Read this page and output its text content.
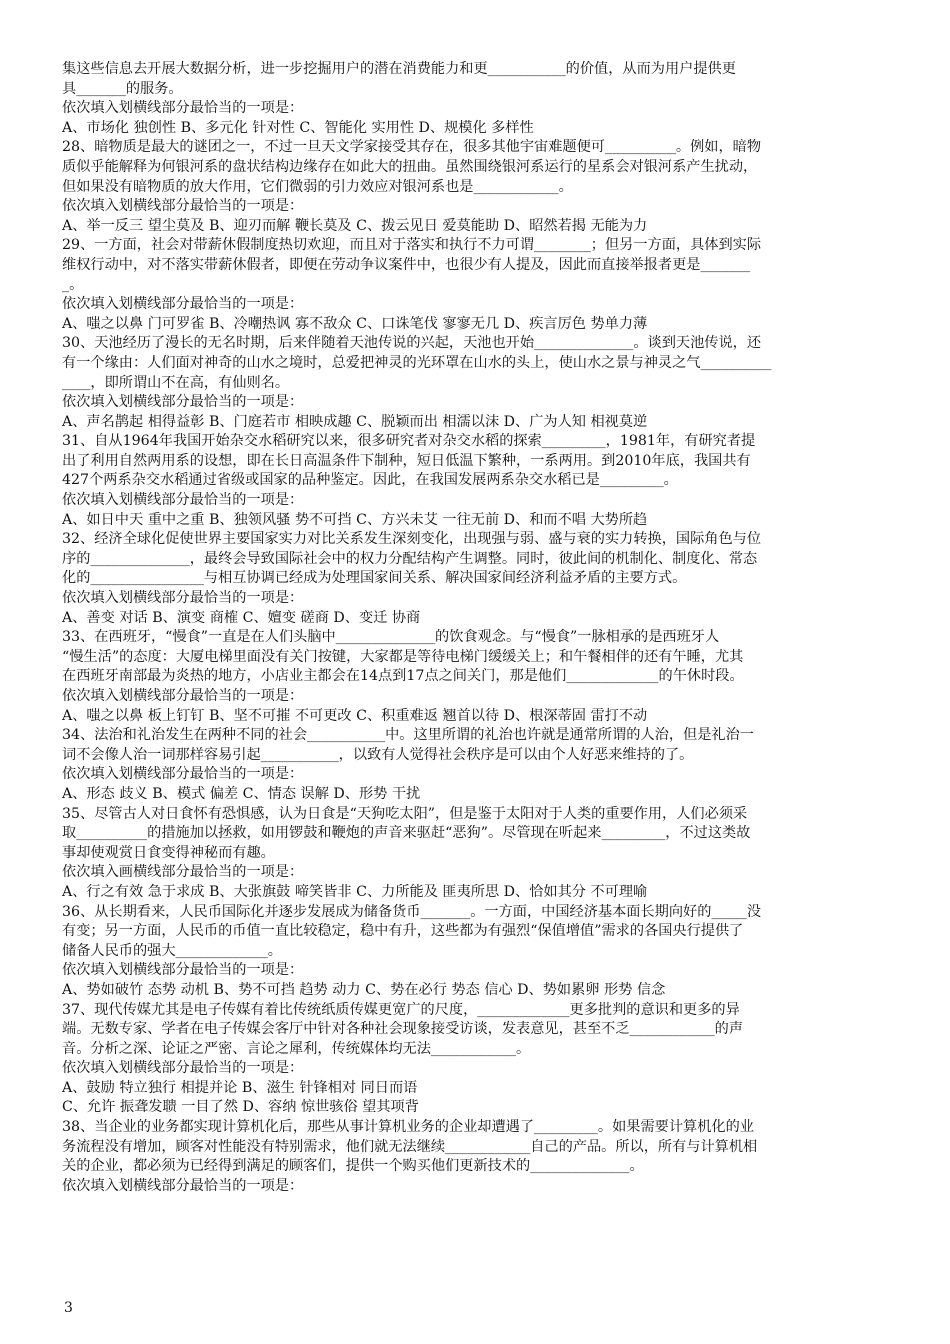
集这些信息去开展大数据分析，进一步挖掘用户的潜在消费能力和更___________的价值，从而为用户提供更
具_______的服务。
依次填入划横线部分最恰当的一项是：
A、市场化 独创性 B、多元化 针对性 C、智能化 实用性 D、规模化 多样性
28、暗物质是最大的谜团之一，不过一旦天文学家接受其存在，很多其他宇宙难题便可__________。例如，暗物
质似乎能解释为何银河系的盘状结构边缘存在如此大的扭曲。虽然围绕银河系运行的星系会对银河系产生扰动，
但如果没有暗物质的放大作用，它们微弱的引力效应对银河系也是____________。
依次填入划横线部分最恰当的一项是：
A、举一反三 望尘莫及 B、迎刃而解 鞭长莫及 C、拨云见日 爱莫能助 D、昭然若揭 无能为力
29、一方面，社会对带薪休假制度热切欢迎，而且对于落实和执行不力可谓________；但另一方面，具体到实际
维权行动中，对不落实带薪休假者，即便在劳动争议案件中，也很少有人提及，因此而直接举报者更是_______
_。
依次填入划横线部分最恰当的一项是：
A、嗤之以鼻 门可罗雀 B、冷嘲热讽 寡不敌众 C、口诛笔伐 寥寥无几 D、疾言厉色 势单力薄
30、天池经历了漫长的无名时期，后来伴随着天池传说的兴起，天池也开始______________。谈到天池传说，还
有一个缘由：人们面对神奇的山水之境时，总爱把神灵的光环罩在山水的头上，使山水之景与神灵之气__________
____，即所谓山不在高，有仙则名。
依次填入划横线部分最恰当的一项是：
A、声名鹊起 相得益彰 B、门庭若市 相映成趣 C、脱颖而出 相濡以沫 D、广为人知 相视莫逆
31、自从1964年我国开始杂交水稻研究以来，很多研究者对杂交水稻的探索_________，1981年，有研究者提
出了利用自然两用系的设想，即在长日高温条件下制种，短日低温下繁种，一系两用。到2010年底，我国共有
427个两系杂交水稻通过省级或国家的品种鉴定。因此，在我国发展两系杂交水稻已是_________。
依次填入划横线部分最恰当的一项是：
A、如日中天 重中之重 B、独领风骚 势不可挡 C、方兴未艾 一往无前 D、和而不唱 大势所趋
32、经济全球化促使世界主要国家实力对比关系发生深刻变化，出现强与弱、盛与衰的实力转换，国际角色与位
序的______________，最终会导致国际社会中的权力分配结构产生调整。同时，彼此间的机制化、制度化、常态
化的________________与相互协调已经成为处理国家间关系、解决国家间经济利益矛盾的主要方式。
依次填入划横线部分最恰当的一项是：
A、善变 对话 B、演变 商榷 C、嬗变 磋商 D、变迁 协商
33、在西班牙，“慢食”一直是在人们头脑中______________的饮食观念。与“慢食”一脉相承的是西班牙人
“慢生活”的态度：大厦电梯里面没有关门按键，大家都是等待电梯门缓缓关上；和午餐相伴的还有午睡，尤其
在西班牙南部最为炎热的地方，小店业主都会在14点到17点之间关门，那是他们_____________的午休时段。
依次填入划横线部分最恰当的一项是：
A、嗤之以鼻 板上钉钉 B、坚不可摧 不可更改 C、积重难返 翘首以待 D、根深蒂固 雷打不动
34、法治和礼治发生在两种不同的社会___________中。这里所谓的礼治也许就是通常所谓的人治，但是礼治一
词不会像人治一词那样容易引起___________，以致有人觉得社会秩序是可以由个人好恶来维持的了。
依次填入划横线部分最恰当的一项是：
A、形态 歧义 B、模式 偏差 C、情态 误解 D、形势 干扰
35、尽管古人对日食怀有恐惧感，认为日食是“天狗吃太阳”，但是鉴于太阳对于人类的重要作用，人们必须采
取__________的措施加以拯救，如用锣鼓和鞭炮的声音来驱赶“恶狗”。尽管现在听起来_________，不过这类故
事却使观赏日食变得神秘而有趣。
依次填入画横线部分最恰当的一项是：
A、行之有效 急于求成 B、大张旗鼓 啼笑皆非 C、力所能及 匪夷所思 D、恰如其分 不可理喻
36、从长期看来，人民币国际化并逐步发展成为储备货币_______。一方面，中国经济基本面长期向好的_____没
有变；另一方面，人民币的币值一直比较稳定，稳中有升，这些都为有强烈“保值增值”需求的各国央行提供了
储备人民币的强大_____________。
依次填入划横线部分最恰当的一项是：
A、势如破竹 态势 动机 B、势不可挡 趋势 动力 C、势在必行 势态 信心 D、势如累卵 形势 信念
37、现代传媒尤其是电子传媒有着比传统纸质传媒更宽广的尺度，_____________更多批判的意识和更多的异
端。无数专家、学者在电子传媒会客厅中针对各种社会现象接受访谈，发表意见，甚至不乏____________的声
音。分析之深、论证之严密、言论之犀利，传统媒体均无法____________。
依次填入划横线部分最恰当的一项是：
A、鼓励 特立独行 相提并论 B、滋生 针锋相对 同日而语
C、允许 振聋发聩 一目了然 D、容纳 惊世骇俗 望其项背
38、当企业的业务都实现计算机化后，那些从事计算机业务的企业却遭遇了_________。如果需要计算机化的业
务流程没有增加，顾客对性能没有特别需求，他们就无法继续____________自己的产品。所以，所有与计算机相
关的企业，都必须为已经得到满足的顾客们，提供一个购买他们更新技术的______________。
依次填入划横线部分最恰当的一项是：
3
